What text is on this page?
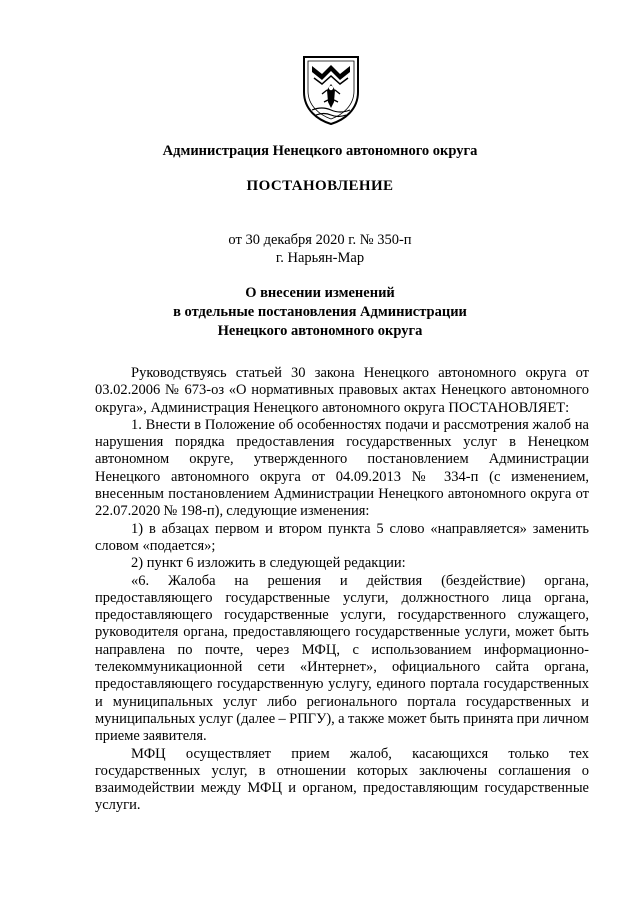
Администрация Ненецкого автономного округа
ПОСТАНОВЛЕНИЕ
от 30 декабря 2020 г. № 350-п
г. Нарьян-Мар
О внесении изменений
в отдельные постановления Администрации
Ненецкого автономного округа

Руководствуясь статьей 30 закона Ненецкого автономного округа от 03.02.2006 № 673-оз «О нормативных правовых актах Ненецкого автономного округа», Администрация Ненецкого автономного округа ПОСТАНОВЛЯЕТ:

1. Внести в Положение об особенностях подачи и рассмотрения жалоб на нарушения порядка предоставления государственных услуг в Ненецком автономном округе, утвержденного постановлением Администрации Ненецкого автономного округа от 04.09.2013 № 334-п (с изменением, внесенным постановлением Администрации Ненецкого автономного округа от 22.07.2020 № 198-п), следующие изменения:

1) в абзацах первом и втором пункта 5 слово «направляется» заменить словом «подается»;

2) пункт 6 изложить в следующей редакции:

«6. Жалоба на решения и действия (бездействие) органа, предоставляющего государственные услуги, должностного лица органа, предоставляющего государственные услуги, государственного служащего, руководителя органа, предоставляющего государственные услуги, может быть направлена по почте, через МФЦ, с использованием информационно-телекоммуникационной сети «Интернет», официального сайта органа, предоставляющего государственную услугу, единого портала государственных и муниципальных услуг либо регионального портала государственных и муниципальных услуг (далее – РПГУ), а также может быть принята при личном приеме заявителя.

МФЦ осуществляет прием жалоб, касающихся только тех государственных услуг, в отношении которых заключены соглашения о взаимодействии между МФЦ и органом, предоставляющим государственные услуги.
